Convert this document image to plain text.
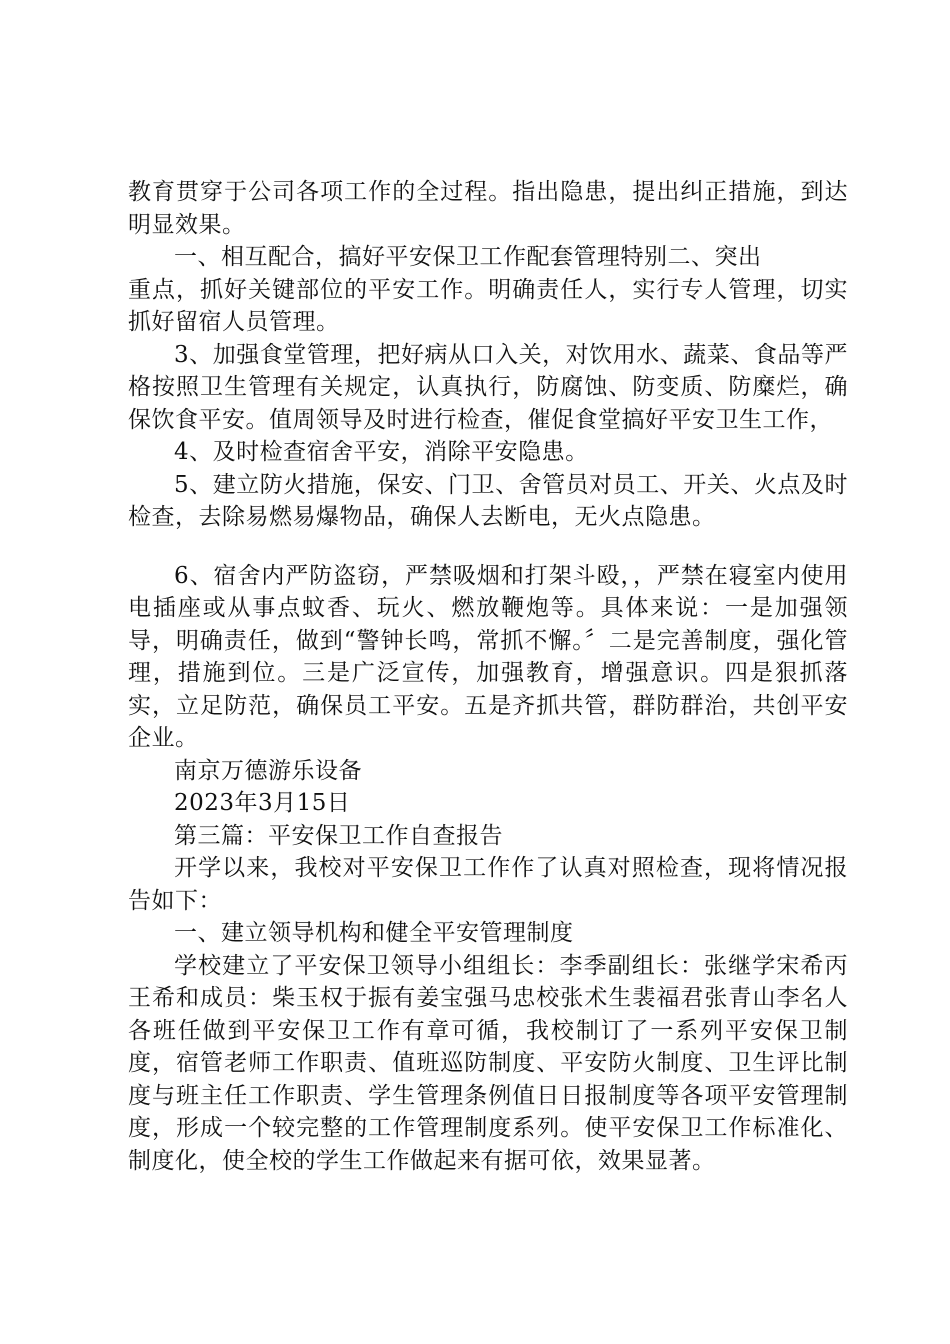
教育贯穿于公司各项工作的全过程。指出隐患，提出纠正措施，到达明显效果。

一、相互配合，搞好平安保卫工作配套管理特别二、突出

重点，抓好关键部位的平安工作。明确责任人，实行专人管理，切实抓好留宿人员管理。

3、加强食堂管理，把好病从口入关，对饮用水、蔬菜、食品等严格按照卫生管理有关规定，认真执行，防腐蚀、防变质、防糜烂，确保饮食平安。值周领导及时进行检查，催促食堂搞好平安卫生工作，

4、及时检查宿舍平安，消除平安隐患。

5、建立防火措施，保安、门卫、舍管员对员工、开关、火点及时检查，去除易燃易爆物品，确保人去断电，无火点隐患。

6、宿舍内严防盗窃，严禁吸烟和打架斗殴，，严禁在寝室内使用电插座或从事点蚊香、玩火、燃放鞭炮等。具体来说：一是加强领导，明确责任，做到“警钟长鸣，常抓不懈。〞二是完善制度，强化管理，措施到位。三是广泛宣传，加强教育，增强意识。四是狠抓落实，立足防范，确保员工平安。五是齐抓共管，群防群治，共创平安企业。

南京万德游乐设备

2023年3月15日

第三篇：平安保卫工作自查报告

开学以来，我校对平安保卫工作作了认真对照检查，现将情况报告如下：

一、建立领导机构和健全平安管理制度

学校建立了平安保卫领导小组组长：李季副组长：张继学宋希丙王希和成员：柴玉权于振有姜宝强马忠校张术生裴福君张青山李名人各班任做到平安保卫工作有章可循，我校制订了一系列平安保卫制度，宿管老师工作职责、值班巡防制度、平安防火制度、卫生评比制度与班主任工作职责、学生管理条例值日日报制度等各项平安管理制度，形成一个较完整的工作管理制度系列。使平安保卫工作标准化、制度化，使全校的学生工作做起来有据可依，效果显著。
